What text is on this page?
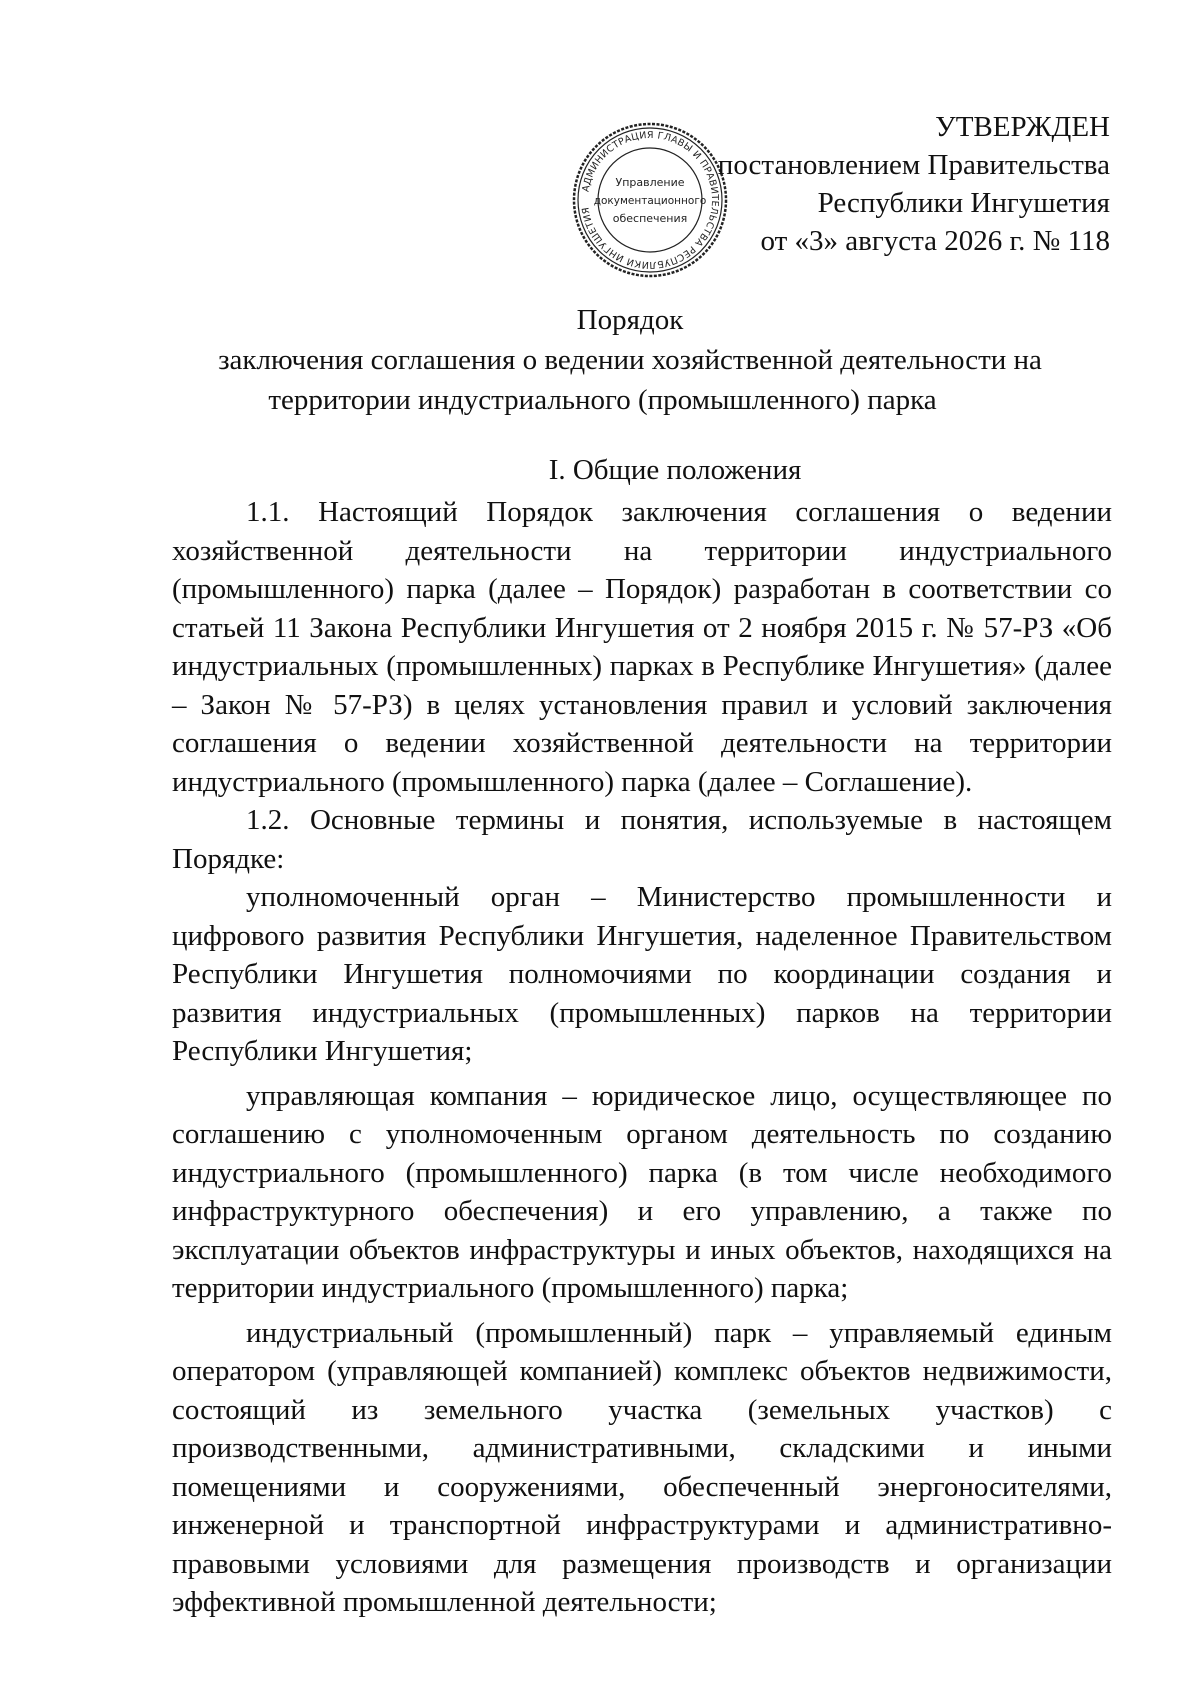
АДМИНИСТРАЦИЯ ГЛАВЫ И ПРАВИТЕЛЬСТВА РЕСПУБЛИКИ ИНГУШЕТИЯ
Управление
документационного
обеспечения
УТВЕРЖДЕН
постановлением Правительства
Республики Ингушетия
от «3» августа 2026 г. № 118
Порядок
заключения соглашения о ведении хозяйственной деятельности на
территории индустриального (промышленного) парка
I. Общие положения

1.1. Настоящий Порядок заключения соглашения о ведении хозяйственной деятельности на территории индустриального (промышленного) парка (далее – Порядок) разработан в соответствии со статьей 11 Закона Республики Ингушетия от 2 ноября 2015 г. № 57-РЗ «Об индустриальных (промышленных) парках в Республике Ингушетия» (далее – Закон № 57-РЗ) в целях установления правил и условий заключения соглашения о ведении хозяйственной деятельности на территории индустриального (промышленного) парка (далее – Соглашение).

1.2. Основные термины и понятия, используемые в настоящем Порядке:

уполномоченный орган – Министерство промышленности и цифрового развития Республики Ингушетия, наделенное Правительством Республики Ингушетия полномочиями по координации создания и развития индустриальных (промышленных) парков на территории Республики Ингушетия;

управляющая компания – юридическое лицо, осуществляющее по соглашению с уполномоченным органом деятельность по созданию индустриального (промышленного) парка (в том числе необходимого инфраструктурного обеспечения) и его управлению, а также по эксплуатации объектов инфраструктуры и иных объектов, находящихся на территории индустриального (промышленного) парка;

индустриальный (промышленный) парк – управляемый единым оператором (управляющей компанией) комплекс объектов недвижимости, состоящий из земельного участка (земельных участков) с производственными, административными, складскими и иными помещениями и сооружениями, обеспеченный энергоносителями, инженерной и транспортной инфраструктурами и административно-правовыми условиями для размещения производств и организации эффективной промышленной деятельности;
